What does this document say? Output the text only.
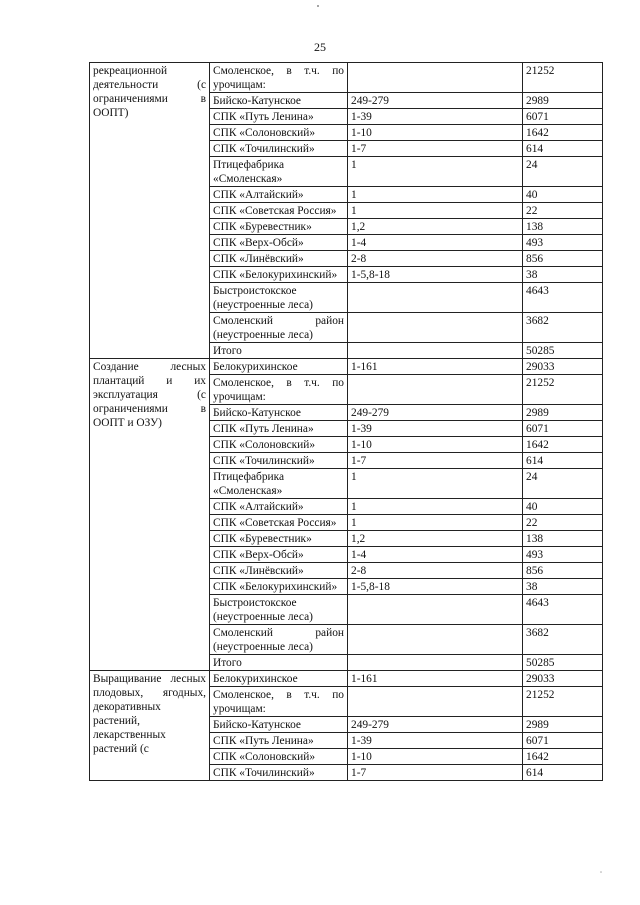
25
рекреационной деятельности (с ограничениями в ООПТ)	Смоленское, в т.ч. по урочищам:		21252
	Бийско-Катунское	249-279	2989
	СПК «Путь Ленина»	1-39	6071
	СПК «Солоновский»	1-10	1642
	СПК «Точилинский»	1-7	614
	Птицефабрика «Смоленская»	1	24
	СПК «Алтайский»	1	40
	СПК «Советская Россия»	1	22
	СПК «Буревестник»	1,2	138
	СПК «Верх-Обсй»	1-4	493
	СПК «Линёвский»	2-8	856
	СПК «Белокурихинский»	1-5,8-18	38
	Быстроистокское (неустроенные леса)		4643
	Смоленский район (неустроенные леса)		3682
	Итого		50285
Создание лесных плантаций и их эксплуатация (с ограничениями в ООПТ и ОЗУ)	Белокурихинское	1-161	29033
	Смоленское, в т.ч. по урочищам:		21252
	Бийско-Катунское	249-279	2989
	СПК «Путь Ленина»	1-39	6071
	СПК «Солоновский»	1-10	1642
	СПК «Точилинский»	1-7	614
	Птицефабрика «Смоленская»	1	24
	СПК «Алтайский»	1	40
	СПК «Советская Россия»	1	22
	СПК «Буревестник»	1,2	138
	СПК «Верх-Обсй»	1-4	493
	СПК «Линёвский»	2-8	856
	СПК «Белокурихинский»	1-5,8-18	38
	Быстроистокское (неустроенные леса)		4643
	Смоленский район (неустроенные леса)		3682
	Итого		50285
Выращивание лесных плодовых, ягодных, декоративных растений, лекарственных растений (с	Белокурихинское	1-161	29033
	Смоленское, в т.ч. по урочищам:		21252
	Бийско-Катунское	249-279	2989
	СПК «Путь Ленина»	1-39	6071
	СПК «Солоновский»	1-10	1642
	СПК «Точилинский»	1-7	614
